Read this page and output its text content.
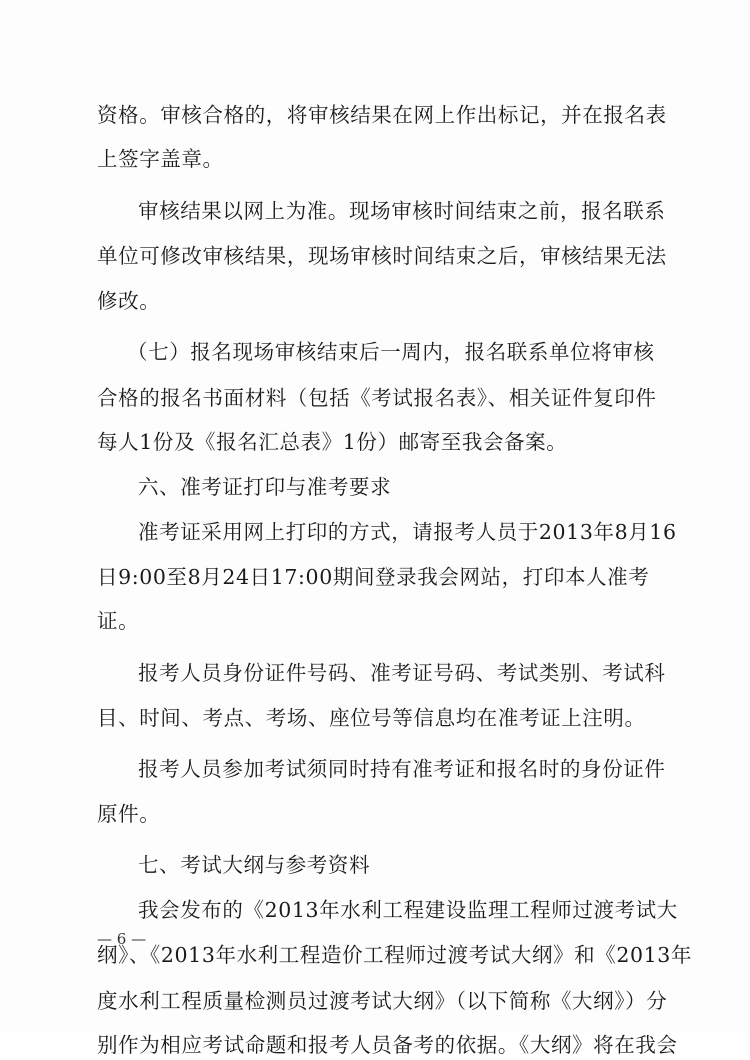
资格。审核合格的，将审核结果在网上作出标记，并在报名表
上签字盖章。
审核结果以网上为准。现场审核时间结束之前，报名联系
单位可修改审核结果，现场审核时间结束之后，审核结果无法
修改。
（七）报名现场审核结束后一周内，报名联系单位将审核
合格的报名书面材料（包括《考试报名表》、相关证件复印件
每人1份及《报名汇总表》1份）邮寄至我会备案。
六、准考证打印与准考要求
准考证采用网上打印的方式，请报考人员于2013年8月16
日9:00至8月24日17:00期间登录我会网站，打印本人准考
证。
报考人员身份证件号码、准考证号码、考试类别、考试科
目、时间、考点、考场、座位号等信息均在准考证上注明。
报考人员参加考试须同时持有准考证和报名时的身份证件
原件。
七、考试大纲与参考资料
我会发布的《2013年水利工程建设监理工程师过渡考试大
纲》、《2013年水利工程造价工程师过渡考试大纲》和《2013年
度水利工程质量检测员过渡考试大纲》（以下简称《大纲》）分
别作为相应考试命题和报考人员备考的依据。《大纲》将在我会
— 6 —
